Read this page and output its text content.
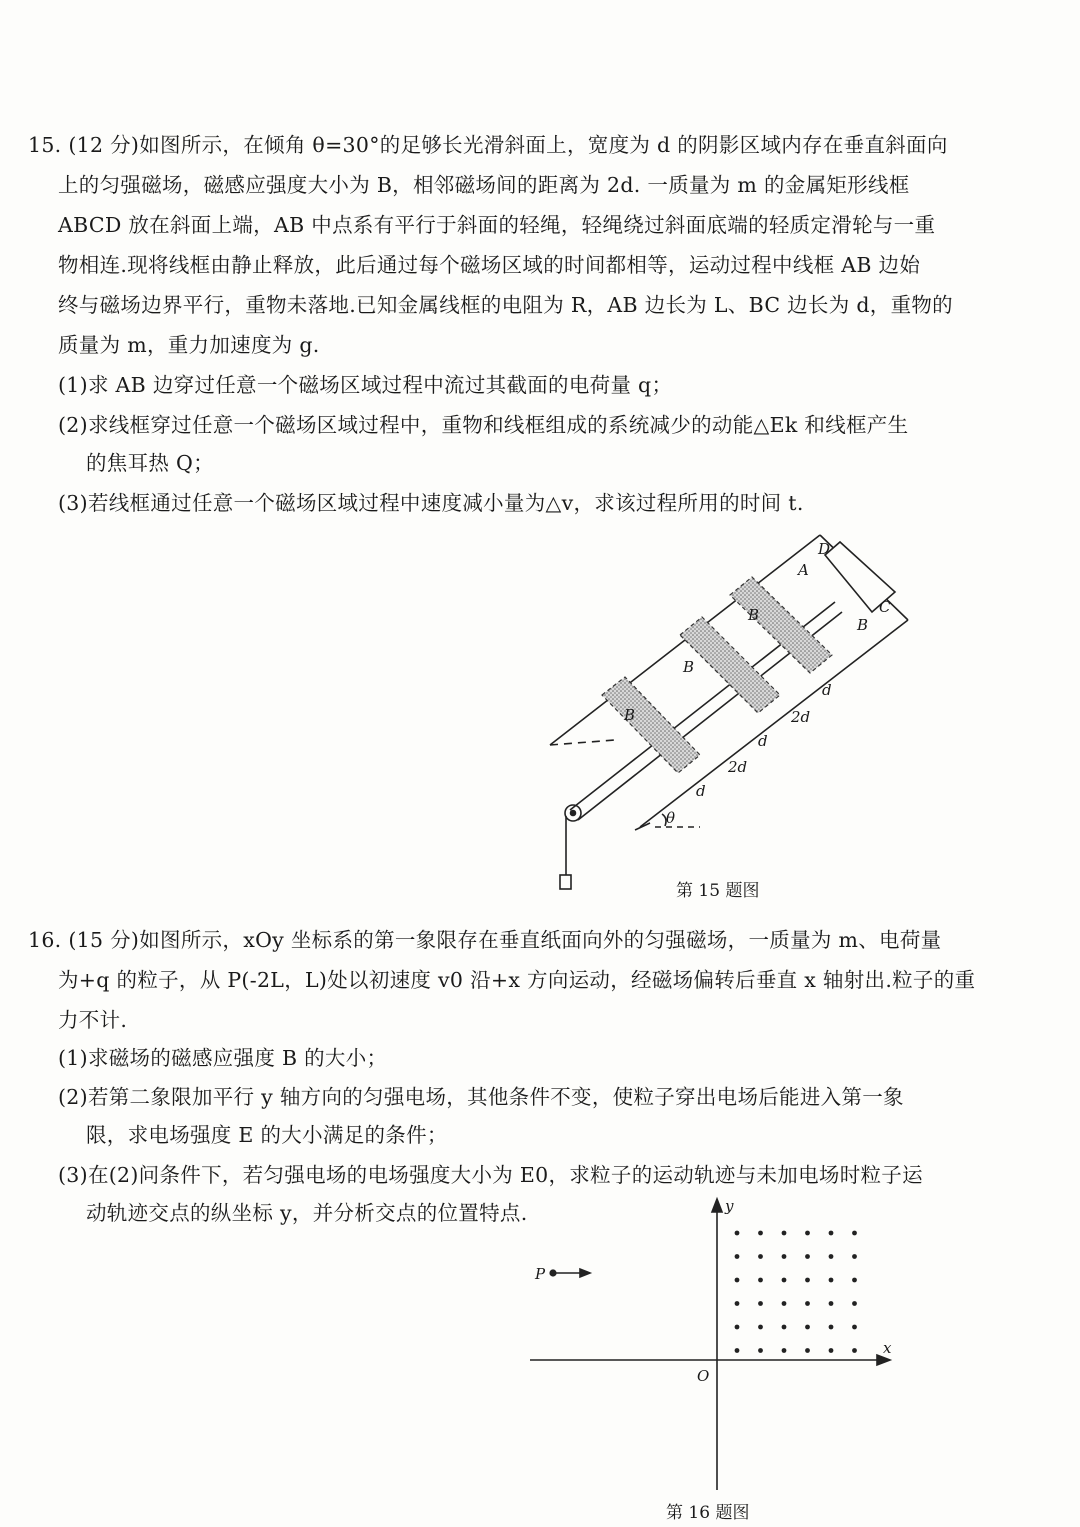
15. (12 分)如图所示，在倾角 θ=30°的足够长光滑斜面上，宽度为 d 的阴影区域内存在垂直斜面向
上的匀强磁场，磁感应强度大小为 B，相邻磁场间的距离为 2d. 一质量为 m 的金属矩形线框
ABCD 放在斜面上端，AB 中点系有平行于斜面的轻绳，轻绳绕过斜面底端的轻质定滑轮与一重
物相连.现将线框由静止释放，此后通过每个磁场区域的时间都相等，运动过程中线框 AB 边始
终与磁场边界平行，重物未落地.已知金属线框的电阻为 R，AB 边长为 L、BC 边长为 d，重物的
质量为 m，重力加速度为 g.
(1)求 AB 边穿过任意一个磁场区域过程中流过其截面的电荷量 q；
(2)求线框穿过任意一个磁场区域过程中，重物和线框组成的系统减少的动能△Ek 和线框产生
的焦耳热 Q；
(3)若线框通过任意一个磁场区域过程中速度减小量为△v，求该过程所用的时间 t.
D
A
C
B
B
B
B
d
2d
d
2d
d
θ
第 15 题图
16. (15 分)如图所示，xOy 坐标系的第一象限存在垂直纸面向外的匀强磁场，一质量为 m、电荷量
为+q 的粒子，从 P(-2L，L)处以初速度 v0 沿+x 方向运动，经磁场偏转后垂直 x 轴射出.粒子的重
力不计.
(1)求磁场的磁感应强度 B 的大小；
(2)若第二象限加平行 y 轴方向的匀强电场，其他条件不变，使粒子穿出电场后能进入第一象
限，求电场强度 E 的大小满足的条件；
(3)在(2)问条件下，若匀强电场的电场强度大小为 E0，求粒子的运动轨迹与未加电场时粒子运
动轨迹交点的纵坐标 y，并分析交点的位置特点.	y
x
O
P
第 16 题图
